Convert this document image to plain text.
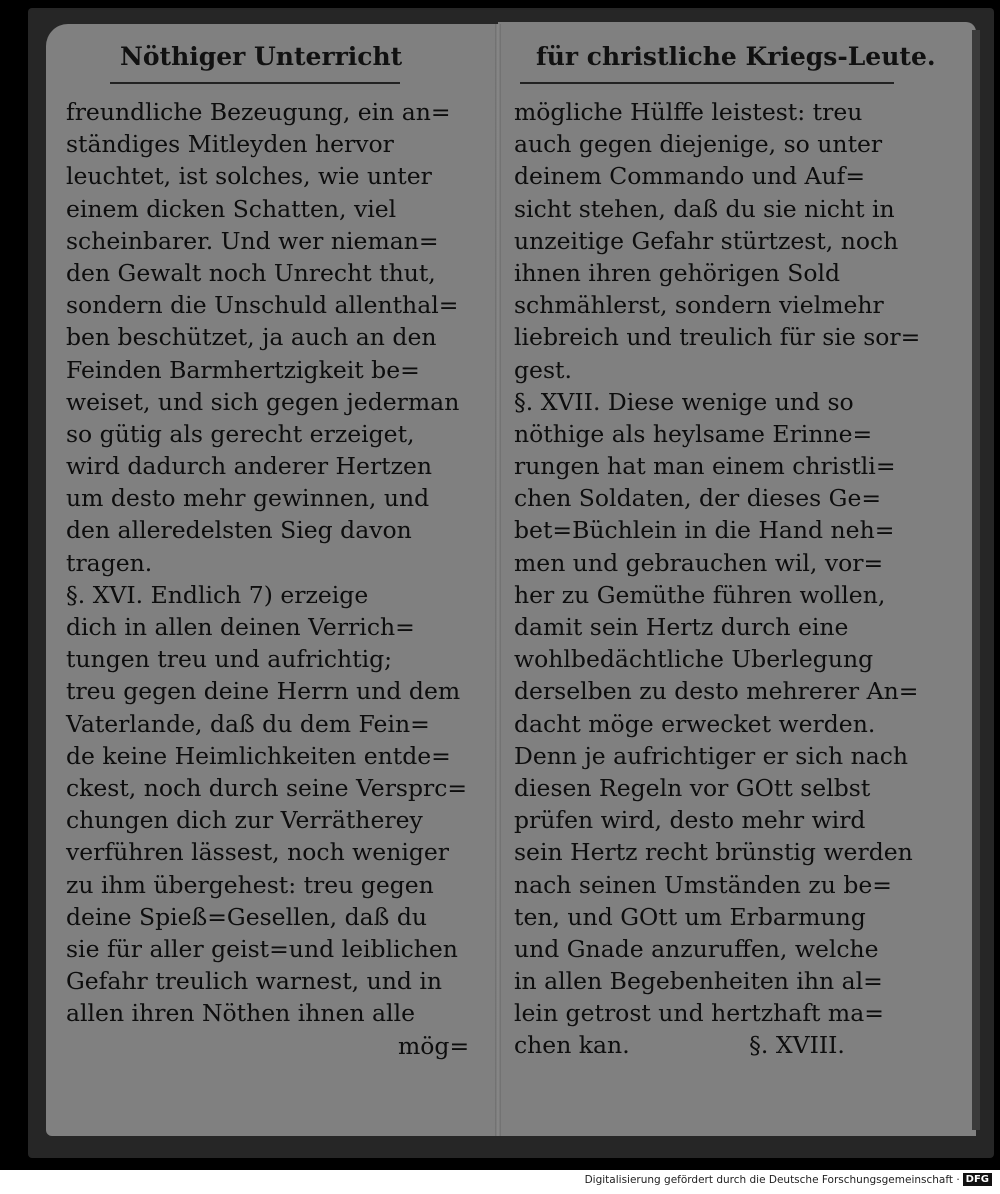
Nöthiger Unterricht	für christliche Kriegs-Leute.
freundliche Bezeugung, ein an=
ständiges Mitleyden hervor
leuchtet, ist solches, wie unter
einem dicken Schatten, viel
scheinbarer. Und wer nieman=
den Gewalt noch Unrecht thut,
sondern die Unschuld allenthal=
ben beschützet, ja auch an den
Feinden Barmhertzigkeit be=
weiset, und sich gegen jederman
so gütig als gerecht erzeiget,
wird dadurch anderer Hertzen
um desto mehr gewinnen, und
den alleredelsten Sieg davon
tragen.
§. XVI. Endlich 7) erzeige
dich in allen deinen Verrich=
tungen treu und aufrichtig;
treu gegen deine Herrn und dem
Vaterlande, daß du dem Fein=
de keine Heimlichkeiten entde=
ckest, noch durch seine Versprc=
chungen dich zur Verrätherey
verführen lässest, noch weniger
zu ihm übergehest: treu gegen
deine Spieß=Gesellen, daß du
sie für aller geist=und leiblichen
Gefahr treulich warnest, und in
allen ihren Nöthen ihnen alle
mög=
mögliche Hülffe leistest: treu
auch gegen diejenige, so unter
deinem Commando und Auf=
sicht stehen, daß du sie nicht in
unzeitige Gefahr stürtzest, noch
ihnen ihren gehörigen Sold
schmählerst, sondern vielmehr
liebreich und treulich für sie sor=
gest.
§. XVII. Diese wenige und so
nöthige als heylsame Erinne=
rungen hat man einem christli=
chen Soldaten, der dieses Ge=
bet=Büchlein in die Hand neh=
men und gebrauchen wil, vor=
her zu Gemüthe führen wollen,
damit sein Hertz durch eine
wohlbedächtliche Uberlegung
derselben zu desto mehrerer An=
dacht möge erwecket werden.
Denn je aufrichtiger er sich nach
diesen Regeln vor GOtt selbst
prüfen wird, desto mehr wird
sein Hertz recht brünstig werden
nach seinen Umständen zu be=
ten, und GOtt um Erbarmung
und Gnade anzuruffen, welche
in allen Begebenheiten ihn al=
lein getrost und hertzhaft ma=
chen kan.                §. XVIII.
Digitalisierung gefördert durch die Deutsche Forschungsgemeinschaft · DFG
